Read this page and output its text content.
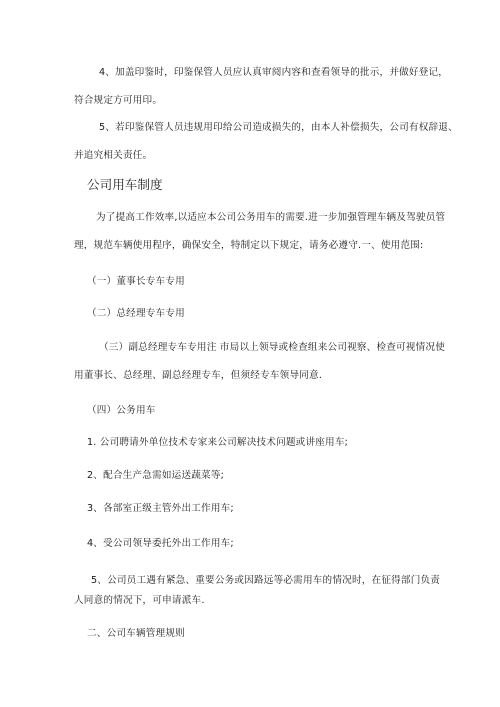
4、加盖印鉴时，印鉴保管人员应认真审阅内容和查看领导的批示，并做好登记，
符合规定方可用印。
5、若印鉴保管人员违规用印给公司造成损失的，由本人补偿损失，公司有权辞退、
并追究相关责任。
公司用车制度
为了提高工作效率,以适应本公司公务用车的需要.进一步加强管理车辆及驾驶员管
理，规范车辆使用程序，确保安全，特制定以下规定，请务必遵守.一、使用范围:
（一）董事长专车专用
（二）总经理专车专用
（三）副总经理专车专用注 市局以上领导或检查组来公司视察、检查可视情况使
用董事长、总经理、副总经理专车，但须经专车领导同意.
（四）公务用车
1. 公司聘请外单位技术专家来公司解决技术问题或讲座用车;
2、配合生产急需如运送蔬菜等;
3、各部室正级主管外出工作用车;
4、受公司领导委托外出工作用车;
5、公司员工遇有紧急、重要公务或因路远等必需用车的情况时，在征得部门负责
人同意的情况下，可申请派车.
二、公司车辆管理规则
